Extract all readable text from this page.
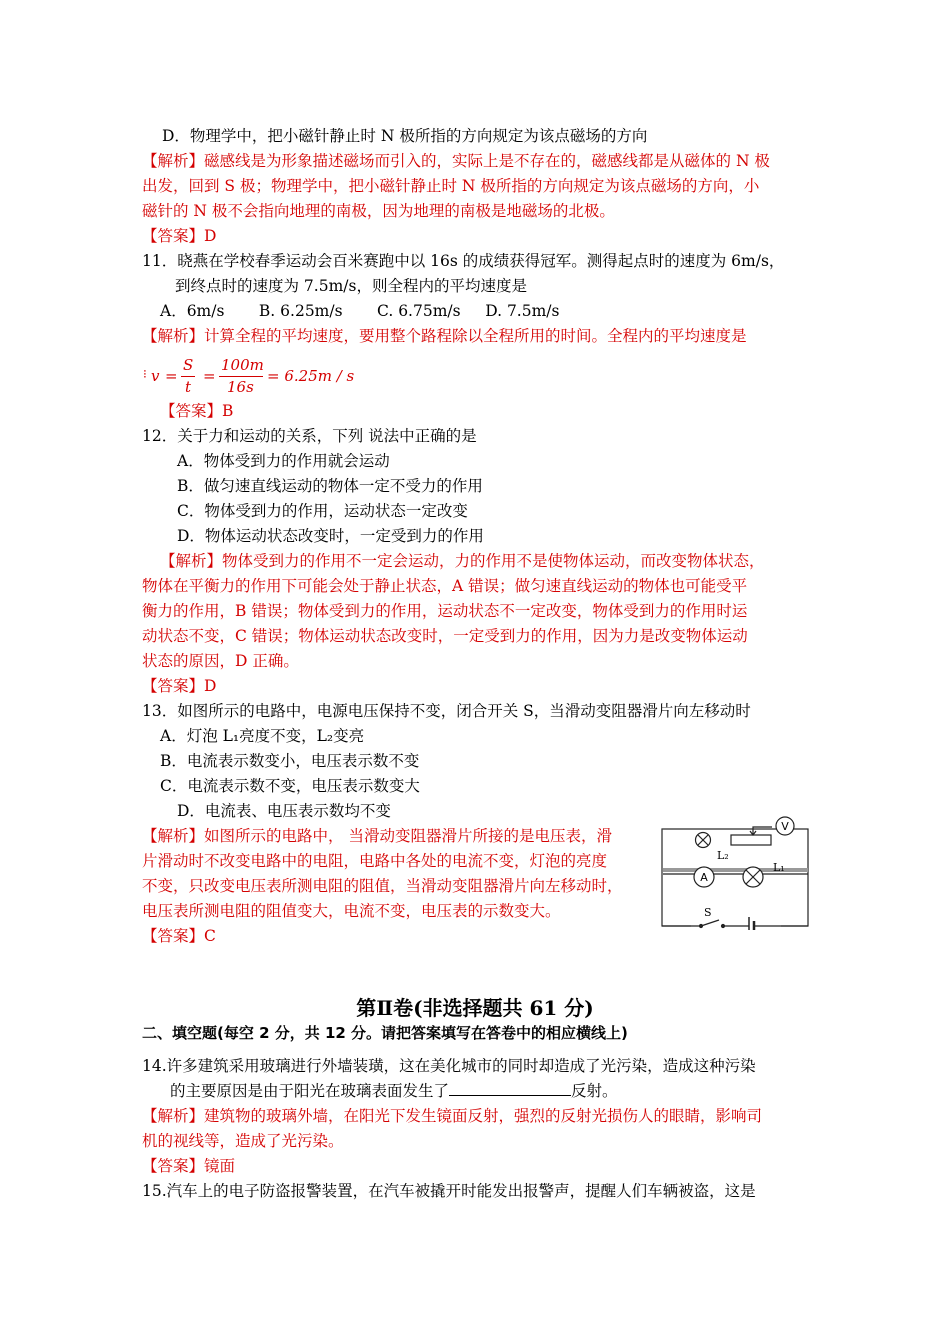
D．物理学中，把小磁针静止时 N 极所指的方向规定为该点磁场的方向
【解析】磁感线是为形象描述磁场而引入的，实际上是不存在的，磁感线都是从磁体的 N 极
出发，回到 S 极；物理学中，把小磁针静止时 N 极所指的方向规定为该点磁场的方向，小
磁针的 N 极不会指向地理的南极，因为地理的南极是地磁场的北极。
【答案】D
11．晓燕在学校春季运动会百米赛跑中以 16s 的成绩获得冠军。测得起点时的速度为 6m/s，
到终点时的速度为 7.5m/s，则全程内的平均速度是
A．6m/s       B. 6.25m/s       C. 6.75m/s     D. 7.5m/s
【解析】计算全程的平均速度，要用整个路程除以全程所用的时间。全程内的平均速度是
⁝ v =
S
t
=
100m
16s
= 6.25m / s
【答案】B
12．关于力和运动的关系，下列 说法中正确的是
A．物体受到力的作用就会运动
B．做匀速直线运动的物体一定不受力的作用
C．物体受到力的作用，运动状态一定改变
D．物体运动状态改变时，一定受到力的作用
【解析】物体受到力的作用不一定会运动，力的作用不是使物体运动，而改变物体状态，
物体在平衡力的作用下可能会处于静止状态，A 错误；做匀速直线运动的物体也可能受平
衡力的作用，B 错误；物体受到力的作用，运动状态不一定改变，物体受到力的作用时运
动状态不变，C 错误；物体运动状态改变时，一定受到力的作用，因为力是改变物体运动
状态的原因，D 正确。
【答案】D
13．如图所示的电路中，电源电压保持不变，闭合开关 S，当滑动变阻器滑片向左移动时
A．灯泡 L₁亮度不变，L₂变亮
B．电流表示数变小，电压表示数不变
C．电流表示数不变，电压表示数变大
D．电流表、电压表示数均不变
【解析】如图所示的电路中， 当滑动变阻器滑片所接的是电压表，滑
片滑动时不改变电路中的电阻，电路中各处的电流不变，灯泡的亮度
不变，只改变电压表所测电阻的阻值，当滑动变阻器滑片向左移动时，
电压表所测电阻的阻值变大，电流不变，电压表的示数变大。
【答案】C
V
A
L₂
L₁
S
第Ⅱ卷(非选择题共 61 分)
二、填空题(每空 2 分，共 12 分。请把答案填写在答卷中的相应横线上)
14.许多建筑采用玻璃进行外墙装璜，这在美化城市的同时却造成了光污染，造成这种污染
的主要原因是由于阳光在玻璃表面发生了	反射。
【解析】建筑物的玻璃外墙，在阳光下发生镜面反射，强烈的反射光损伤人的眼睛，影响司
机的视线等，造成了光污染。
【答案】镜面
15.汽车上的电子防盗报警装置，在汽车被撬开时能发出报警声，提醒人们车辆被盗，这是
